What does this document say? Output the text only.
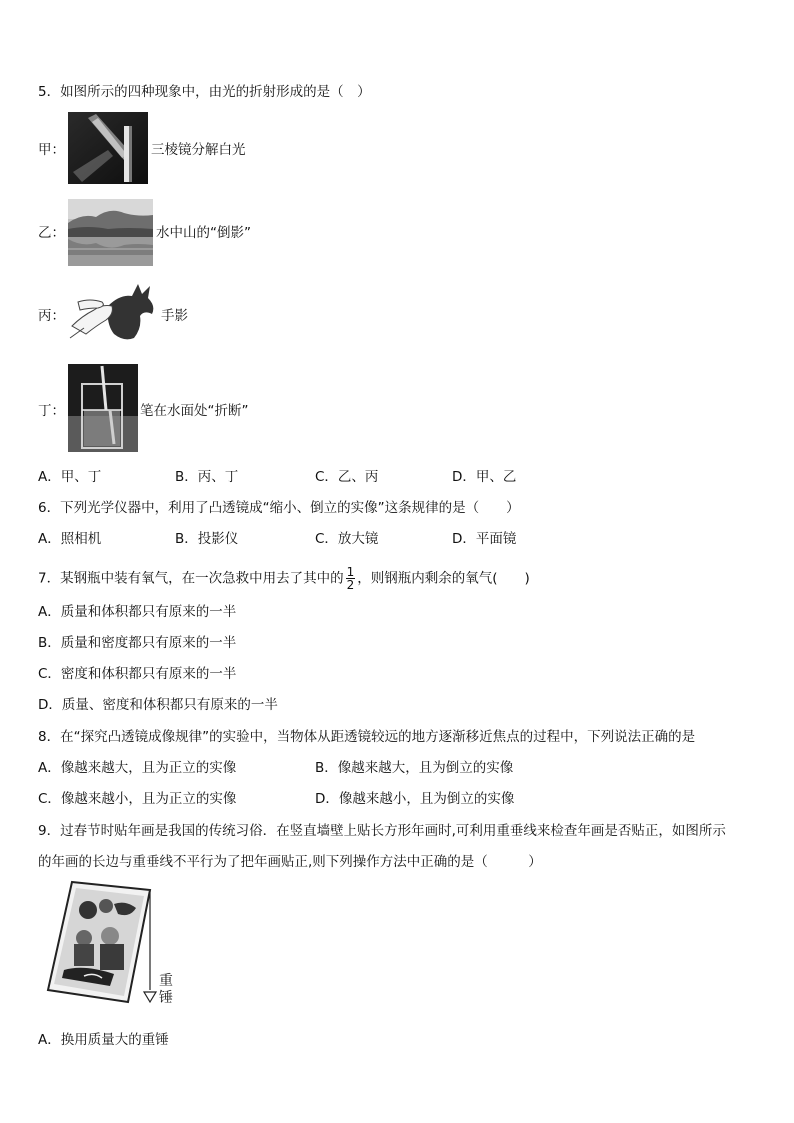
5．如图所示的四种现象中，由光的折射形成的是（　）
甲：	三棱镜分解白光
乙：	水中山的“倒影”
丙：	手影
丁：	笔在水面处“折断”
A．甲、丁	B．丙、丁	C．乙、丙	D．甲、乙
6．下列光学仪器中，利用了凸透镜成“缩小、倒立的实像”这条规律的是（　　）
A．照相机	B．投影仪	C．放大镜	D．平面镜
7．某钢瓶中装有氧气，在一次急救中用去了其中的 $\frac{1}{2}$ ，则钢瓶内剩余的氧气(　　)
A．质量和体积都只有原来的一半
B．质量和密度都只有原来的一半
C．密度和体积都只有原来的一半
D．质量、密度和体积都只有原来的一半
8．在“探究凸透镜成像规律”的实验中，当物体从距透镜较远的地方逐渐移近焦点的过程中，下列说法正确的是
A．像越来越大，且为正立的实像	B．像越来越大，且为倒立的实像
C．像越来越小，且为正立的实像	D．像越来越小，且为倒立的实像
9．过春节时贴年画是我国的传统习俗．在竖直墙壁上贴长方形年画时,可利用重垂线来检查年画是否贴正，如图所示
的年画的长边与重垂线不平行为了把年画贴正,则下列操作方法中正确的是（　　　）
重
锤
A．换用质量大的重锤
